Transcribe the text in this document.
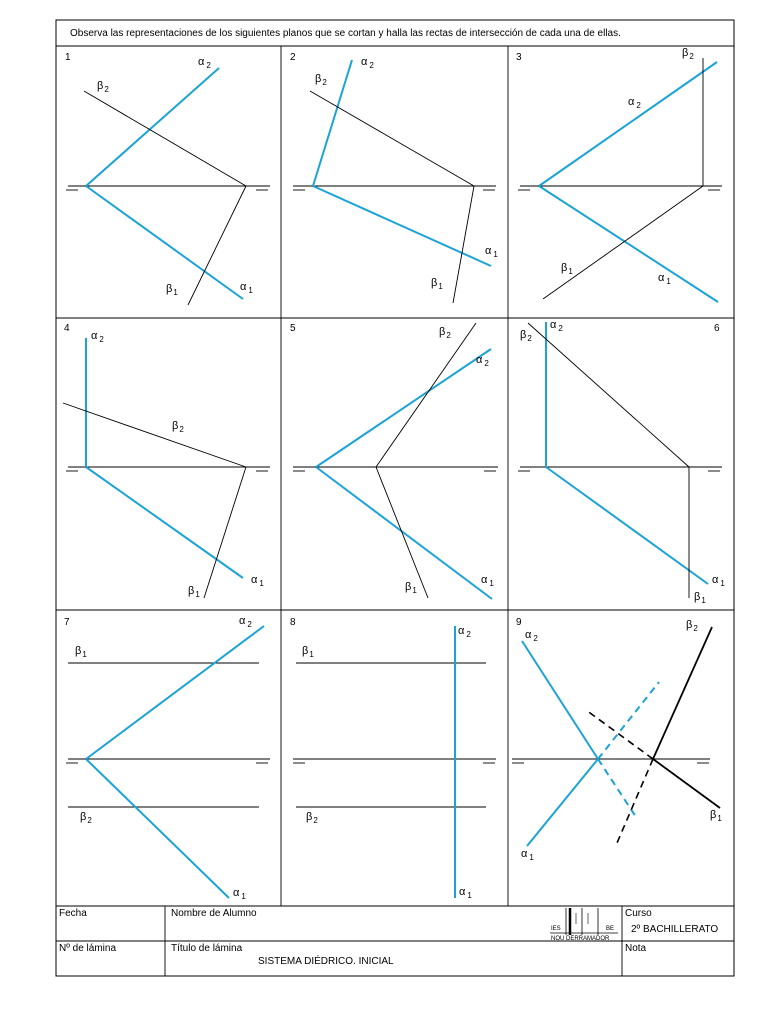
Observa las representaciones de los siguientes planos que se cortan y halla las rectas de intersección de cada una de ellas.
1	2	3
4	5	6
7	8	9
α 2
β2
β1	α 1
α 2
β2
α 1
β1
β2
α 2
β1
α 1
α 2
β2
α 1
β1
β2
α 2
β1
α 1
α 2
β2
α 1
β1
α 2
β1
β2
α 1
α 2
β1
β2
α 1
α 2
β2
β1
α 1
Fecha	Nombre de Alumno	Curso
2º BACHILLERATO
Nº de lámina	Título de lámina
SISTEMA DIÉDRICO. INICIAL
Nota
IES	BE
NOU DERRAMADOR
